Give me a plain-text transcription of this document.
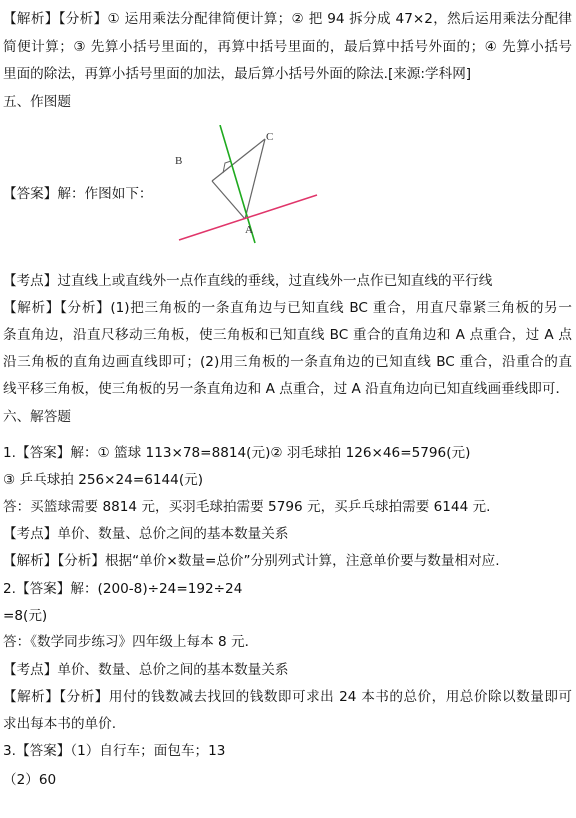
【解析】【分析】① 运用乘法分配律简便计算；② 把 94 拆分成 47×2，然后运用乘法分配律
简便计算；③ 先算小括号里面的，再算中括号里面的，最后算中括号外面的；④ 先算小括号
里面的除法，再算小括号里面的加法，最后算小括号外面的除法.[来源:学科网]
五、作图题
B
C
A
【答案】解：作图如下：
【考点】过直线上或直线外一点作直线的垂线，过直线外一点作已知直线的平行线
【解析】【分析】(1)把三角板的一条直角边与已知直线 BC 重合，用直尺靠紧三角板的另一
条直角边，沿直尺移动三角板，使三角板和已知直线 BC 重合的直角边和 A 点重合，过 A 点
沿三角板的直角边画直线即可；(2)用三角板的一条直角边的已知直线 BC 重合，沿重合的直
线平移三角板，使三角板的另一条直角边和 A 点重合，过 A 沿直角边向已知直线画垂线即可．
六、解答题
1.【答案】解：① 篮球 113×78=8814(元)② 羽毛球拍 126×46=5796(元)
③ 乒乓球拍 256×24=6144(元)
答：买篮球需要 8814 元，买羽毛球拍需要 5796 元，买乒乓球拍需要 6144 元.
【考点】单价、数量、总价之间的基本数量关系
【解析】【分析】根据“单价×数量=总价”分别列式计算，注意单价要与数量相对应.
2.【答案】解：(200-8)÷24=192÷24
=8(元)
答：《数学同步练习》四年级上每本 8 元．
【考点】单价、数量、总价之间的基本数量关系
【解析】【分析】用付的钱数减去找回的钱数即可求出 24 本书的总价，用总价除以数量即可
求出每本书的单价.
3.【答案】（1）自行车；面包车；13
（2）60
